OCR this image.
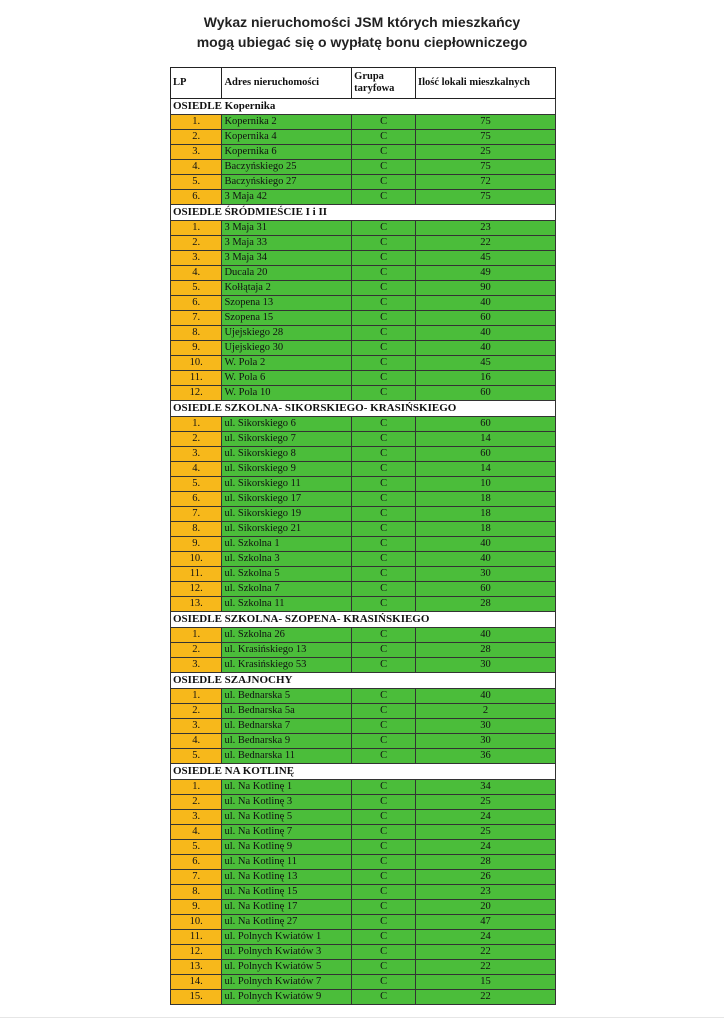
Wykaz nieruchomości JSM których mieszkańcy
mogą ubiegać się o wypłatę bonu ciepłowniczego
LP	Adres nieruchomości	Grupa taryfowa	Ilość lokali mieszkalnych
OSIEDLE Kopernika			
1.	Kopernika 2	C	75
2.	Kopernika 4	C	75
3.	Kopernika 6	C	25
4.	Baczyńskiego 25	C	75
5.	Baczyńskiego 27	C	72
6.	3 Maja 42	C	75
OSIEDLE ŚRÓDMIEŚCIE I i II			
1.	3 Maja 31	C	23
2.	3 Maja 33	C	22
3.	3 Maja 34	C	45
4.	Ducala 20	C	49
5.	Kołłątaja 2	C	90
6.	Szopena 13	C	40
7.	Szopena 15	C	60
8.	Ujejskiego 28	C	40
9.	Ujejskiego 30	C	40
10.	W. Pola 2	C	45
11.	W. Pola 6	C	16
12.	W. Pola 10	C	60
OSIEDLE SZKOLNA- SIKORSKIEGO- KRASIŃSKIEGO			
1.	ul. Sikorskiego 6	C	60
2.	ul. Sikorskiego 7	C	14
3.	ul. Sikorskiego 8	C	60
4.	ul. Sikorskiego 9	C	14
5.	ul. Sikorskiego 11	C	10
6.	ul. Sikorskiego 17	C	18
7.	ul. Sikorskiego 19	C	18
8.	ul. Sikorskiego 21	C	18
9.	ul. Szkolna 1	C	40
10.	ul. Szkolna 3	C	40
11.	ul. Szkolna 5	C	30
12.	ul. Szkolna 7	C	60
13.	ul. Szkolna 11	C	28
OSIEDLE SZKOLNA- SZOPENA- KRASIŃSKIEGO			
1.	ul. Szkolna 26	C	40
2.	ul. Krasińskiego 13	C	28
3.	ul. Krasińskiego 53	C	30
OSIEDLE SZAJNOCHY			
1.	ul. Bednarska 5	C	40
2.	ul. Bednarska 5a	C	2
3.	ul. Bednarska 7	C	30
4.	ul. Bednarska 9	C	30
5.	ul. Bednarska 11	C	36
OSIEDLE NA KOTLINĘ			
1.	ul. Na Kotlinę 1	C	34
2.	ul. Na Kotlinę 3	C	25
3.	ul. Na Kotlinę 5	C	24
4.	ul. Na Kotlinę 7	C	25
5.	ul. Na Kotlinę 9	C	24
6.	ul. Na Kotlinę 11	C	28
7.	ul. Na Kotlinę 13	C	26
8.	ul. Na Kotlinę 15	C	23
9.	ul. Na Kotlinę 17	C	20
10.	ul. Na Kotlinę 27	C	47
11.	ul. Polnych Kwiatów 1	C	24
12.	ul. Polnych Kwiatów 3	C	22
13.	ul. Polnych Kwiatów 5	C	22
14.	ul. Polnych Kwiatów 7	C	15
15.	ul. Polnych Kwiatów 9	C	22
